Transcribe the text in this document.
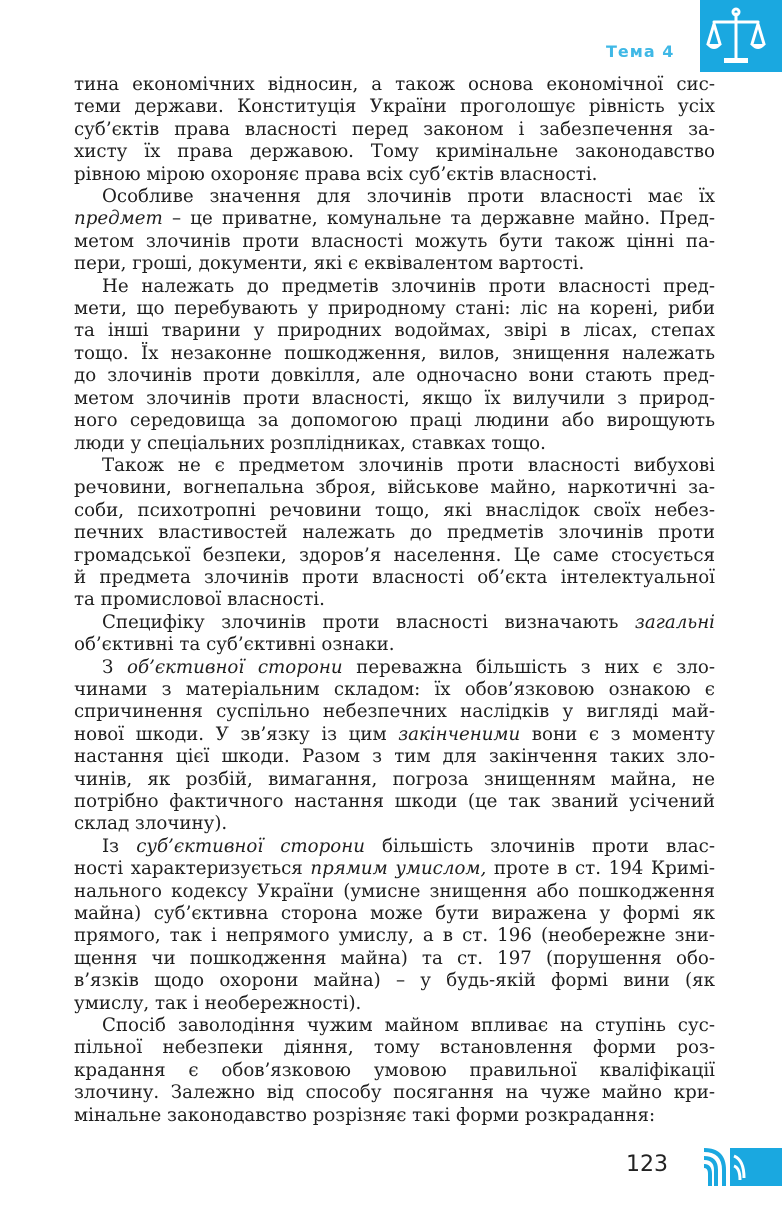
Тема 4

тина економічних відносин, а також основа економічної сис-

теми держави. Конституція України проголошує рівність усіх

суб’єктів права власності перед законом і забезпечення за-

хисту їх права державою. Тому кримінальне законодавство

рівною мірою охороняє права всіх суб’єктів власності.

Особливе значення для злочинів проти власності має їх

предмет – це приватне, комунальне та державне майно. Пред-

метом злочинів проти власності можуть бути також цінні па-

пери, гроші, документи, які є еквівалентом вартості.

Не належать до предметів злочинів проти власності пред-

мети, що перебувають у природному стані: ліс на корені, риби

та інші тварини у природних водоймах, звірі в лісах, степах

тощо. Їх незаконне пошкодження, вилов, знищення належать

до злочинів проти довкілля, але одночасно вони стають пред-

метом злочинів проти власності, якщо їх вилучили з природ-

ного середовища за допомогою праці людини або вирощують

люди у спеціальних розплідниках, ставках тощо.

Також не є предметом злочинів проти власності вибухові

речовини, вогнепальна зброя, військове майно, наркотичні за-

соби, психотропні речовини тощо, які внаслідок своїх небез-

печних властивостей належать до предметів злочинів проти

громадської безпеки, здоров’я населення. Це саме стосується

й предмета злочинів проти власності об’єкта інтелектуальної

та промислової власності.

Специфіку злочинів проти власності визначають загальні

об’єктивні та суб’єктивні ознаки.

З об’єктивної сторони переважна більшість з них є зло-

чинами з матеріальним складом: їх обов’язковою ознакою є

спричинення суспільно небезпечних наслідків у вигляді май-

нової шкоди. У зв’язку із цим закінченими вони є з моменту

настання цієї шкоди. Разом з тим для закінчення таких зло-

чинів, як розбій, вимагання, погроза знищенням майна, не

потрібно фактичного настання шкоди (це так званий усічений

склад злочину).

Із суб’єктивної сторони більшість злочинів проти влас-

ності характеризується прямим умислом, проте в ст. 194 Кримі-

нального кодексу України (умисне знищення або пошкодження

майна) суб’єктивна сторона може бути виражена у формі як

прямого, так і непрямого умислу, а в ст. 196 (необережне зни-

щення чи пошкодження майна) та ст. 197 (порушення обо-

в’язків щодо охорони майна) – у будь-якій формі вини (як

умислу, так і необережності).

Спосіб заволодіння чужим майном впливає на ступінь сус-

пільної небезпеки діяння, тому встановлення форми роз-

крадання є обов’язковою умовою правильної кваліфікації

злочину. Залежно від способу посягання на чуже майно кри-

мінальне законодавство розрізняє такі форми розкрадання:

123
